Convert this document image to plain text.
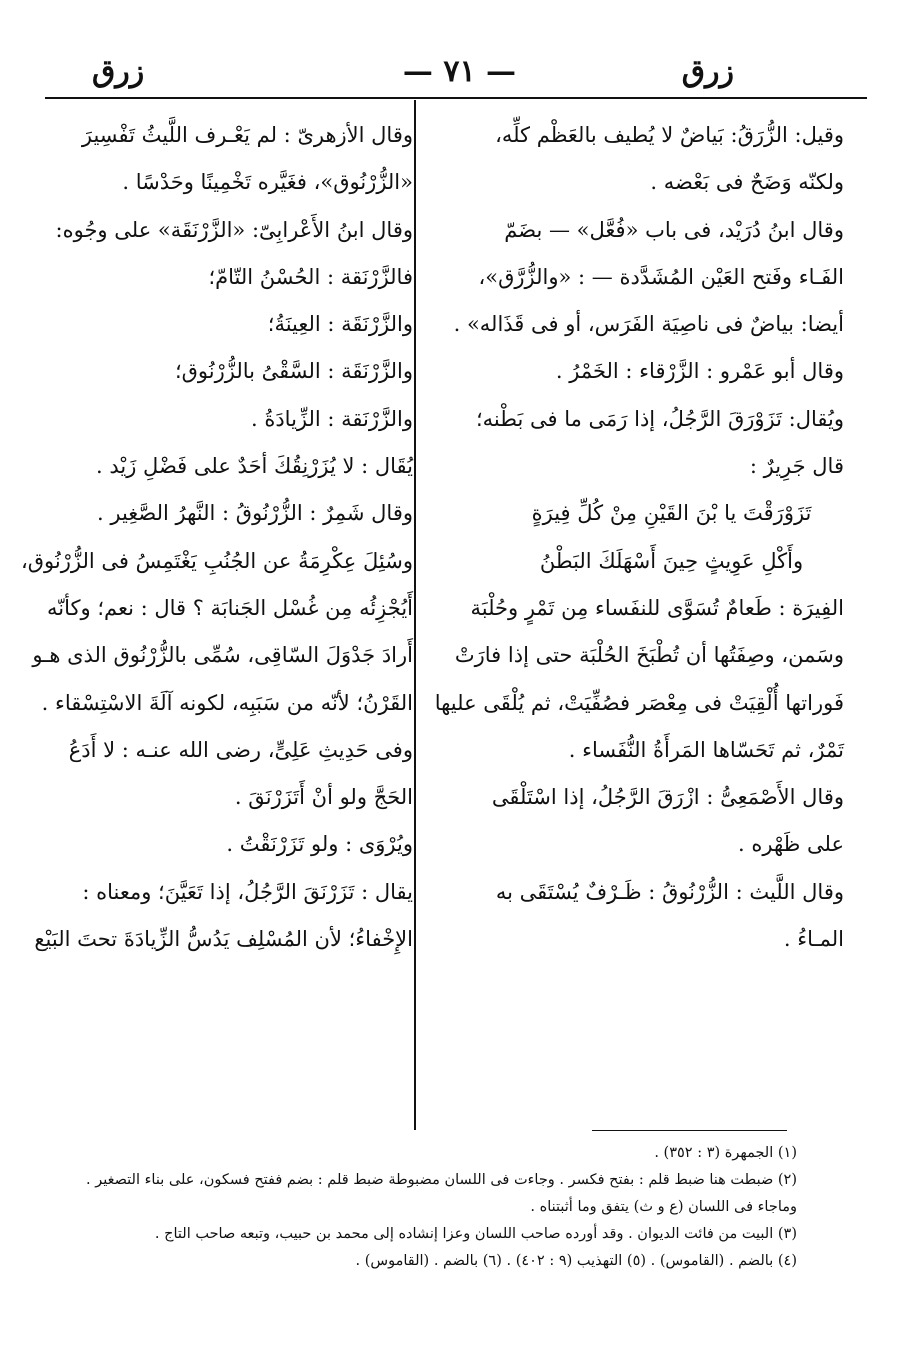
زرق
— ٧١ —
زرق
وقيل: الزُّرَقُ: بَياضٌ لا يُطيف بالعَظْم كلِّه،
ولكنّه وَضَحٌ فى بَعْضه .
وقال ابنُ دُرَيْد، فى باب «فُعَّل» — بضَمّ
الفَـاء وفَتح العَيْن المُشَدَّدة — : «والزُّرَّق»،
أيضا: بياضٌ فى ناصِيَة الفَرَس، أو فى قَذَاله» .
وقال أبو عَمْرو : الزَّرْقاء : الخَمْرُ .
ويُقال: تَزَوْرَقَ الرَّجُلُ، إذا رَمَى ما فى بَطْنه؛
قال جَرِيرٌ :
تَزَوْرَقْتَ يا بْنَ القَيْنِ مِنْ كُلِّ فِيرَةٍ
وأَكْلِ عَوِيثٍ حِينَ أَسْهَلَكَ البَطْنُ
الفِيرَة : طَعامٌ تُسَوَّى للنفَساء مِن تَمْرٍ وحُلْبَة
وسَمن، وصِفَتُها أن تُطْبَخَ الحُلْبَة حتى إذا فارَتْ
فَوراتها أُلْقِيَتْ فى مِعْصَر فصُفِّيَتْ، ثم يُلْقَى عليها
تَمْرٌ، ثم تَحَسّاها المَرأَةُ النُّفَساء .
وقال الأَصْمَعِىُّ : ازْرَقَ الرَّجُلُ، إذا اسْتَلْقَى
على ظَهْره .
وقال اللَّيث : الزُّرْنُوقُ : ظَـرْفٌ يُسْتَقَى به
المـاءُ .
وقال الأزهرىّ : لم يَعْـرف اللَّيثُ تَفْسِيرَ
«الزُّرْنُوق»، فغَيَّره تَخْمِينًا وحَدْسًا .
وقال ابنُ الأَعْرابِىّ: «الزَّرْنَقَة» على وجُوه:
فالزَّرْنَقة : الحُسْنُ التّامّ؛
والزَّرْنَقَة : العِينَةُ؛
والزَّرْنَقَة : السَّقْىُ بالزُّرْنُوق؛
والزَّرْنَقة : الزِّيادَةُ .
يُقَال : لا يُزَرْنِقُكَ أحَدٌ على فَضْلِ زَيْد .
وقال شَمِرٌ : الزُّرْنُوقُ : النَّهرُ الصَّغِير .
وسُئِلَ عِكْرِمَةُ عن الجُنُبِ يَغْتَمِسُ فى الزُّرْنُوق،
أَيُجْزِئُه مِن غُسْل الجَنابَة ؟ قال : نعم؛ وكأنّه
أَرادَ جَدْوَلَ السّاقِى، سُمِّى بالزُّرْنُوق الذى هـو
القَرْنُ؛ لأنّه من سَبَبِه، لكونه آلَةَ الاسْتِسْقاء .
وفى حَدِيثِ عَلِىٍّ، رضى الله عنـه : لا أَدَعُ
الحَجَّ ولو أنْ أَتَزَرْنَقَ .
ويُرْوَى : ولو تَزَرْنَقْتُ .
يقال : تَزَرْنَقَ الرَّجُلُ، إذا تَعَيَّنَ؛ ومعناه :
الإِخْفاءُ؛ لأن المُسْلِف يَدُسُّ الزِّيادَةَ تحتَ البَيْع
(١) الجمهرة (٣ : ٣٥٢) .
(٢) ضبطت هنا ضبط قلم : بفتح فكسر . وجاءت فى اللسان مضبوطة ضبط قلم : بضم ففتح فسكون، على بناء التصغير .
وماجاء فى اللسان (ع و ث) يتفق وما أثبتناه .
(٣) البيت من فائت الديوان . وقد أورده صاحب اللسان وعزا إنشاده إلى محمد بن حبيب، وتبعه صاحب التاج .
(٤) بالضم . (القاموس) . (٥) التهذيب (٩ : ٤٠٢) . (٦) بالضم . (القاموس) .
